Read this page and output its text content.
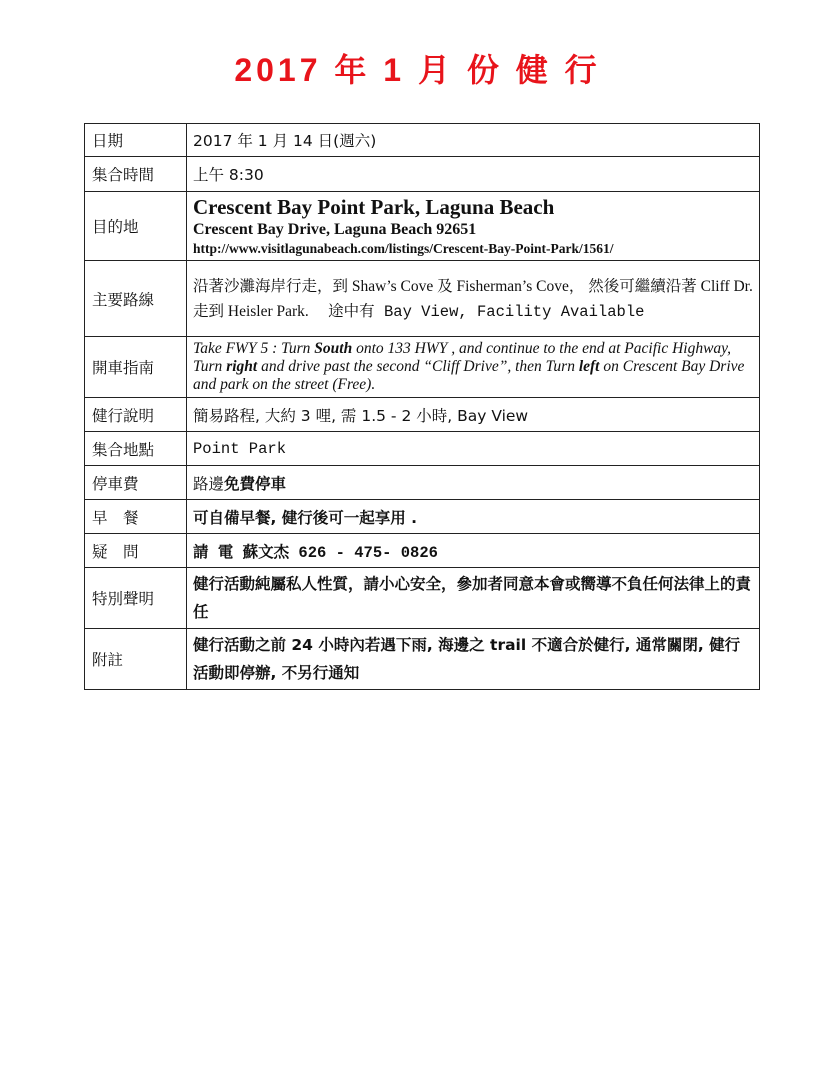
2017 年 1 月 份 健 行
日期	2017 年 1 月 14 日(週六)
集合時間	上午 8:30
目的地	Crescent Bay Point Park, Laguna Beach
Crescent Bay Drive, Laguna Beach 92651
http://www.visitlagunabeach.com/listings/Crescent-Bay-Point-Park/1561/

主要路線	沿著沙灘海岸行走，到 Shaw’s Cove 及 Fisherman’s Cove， 然後可繼續沿著 Cliff Dr. 走到 Heisler Park.　 途中有 Bay View, Facility Available
開車指南	Take FWY 5 : Turn South onto 133 HWY , and continue to the end at Pacific Highway, Turn right and drive past the second “Cliff Drive”, then Turn left on Crescent Bay Drive and park on the street (Free).
健行說明	簡易路程, 大約 3 哩, 需 1.5 - 2 小時, Bay View
集合地點	Point Park
停車費	路邊免費停車
早　餐	可自備早餐, 健行後可一起享用 .
疑　問	請 電 蘇文杰 626 - 475- 0826
特別聲明	健行活動純屬私人性質，請小心安全，參加者同意本會或嚮導不負任何法律上的責任
附註	健行活動之前 24 小時內若遇下雨, 海邊之 trail 不適合於健行, 通常關閉, 健行活動即停辦, 不另行通知
